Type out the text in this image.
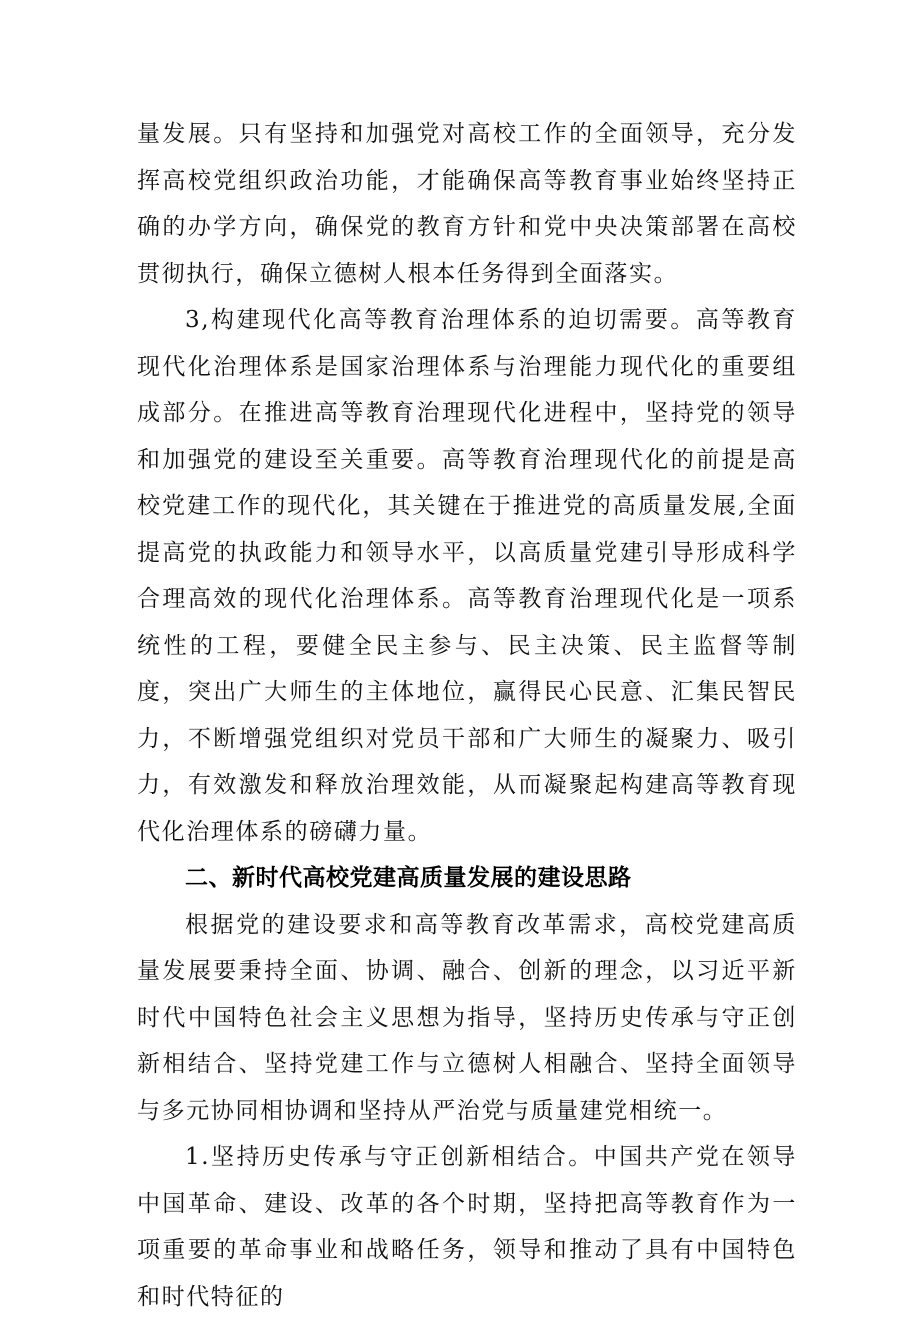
量发展。只有坚持和加强党对高校工作的全面领导，充分发挥高校党组织政治功能，才能确保高等教育事业始终坚持正确的办学方向，确保党的教育方针和党中央决策部署在高校贯彻执行，确保立德树人根本任务得到全面落实。

3,构建现代化高等教育治理体系的迫切需要。高等教育现代化治理体系是国家治理体系与治理能力现代化的重要组成部分。在推进高等教育治理现代化进程中，坚持党的领导和加强党的建设至关重要。高等教育治理现代化的前提是高校党建工作的现代化，其关键在于推进党的高质量发展,全面提高党的执政能力和领导水平，以高质量党建引导形成科学合理高效的现代化治理体系。高等教育治理现代化是一项系统性的工程，要健全民主参与、民主决策、民主监督等制度，突出广大师生的主体地位，赢得民心民意、汇集民智民力，不断增强党组织对党员干部和广大师生的凝聚力、吸引力，有效激发和释放治理效能，从而凝聚起构建高等教育现代化治理体系的磅礴力量。

二、新时代高校党建高质量发展的建设思路

根据党的建设要求和高等教育改革需求，高校党建高质量发展要秉持全面、协调、融合、创新的理念，以习近平新时代中国特色社会主义思想为指导，坚持历史传承与守正创新相结合、坚持党建工作与立德树人相融合、坚持全面领导与多元协同相协调和坚持从严治党与质量建党相统一。

1.坚持历史传承与守正创新相结合。中国共产党在领导中国革命、建设、改革的各个时期，坚持把高等教育作为一项重要的革命事业和战略任务，领导和推动了具有中国特色和时代特征的
